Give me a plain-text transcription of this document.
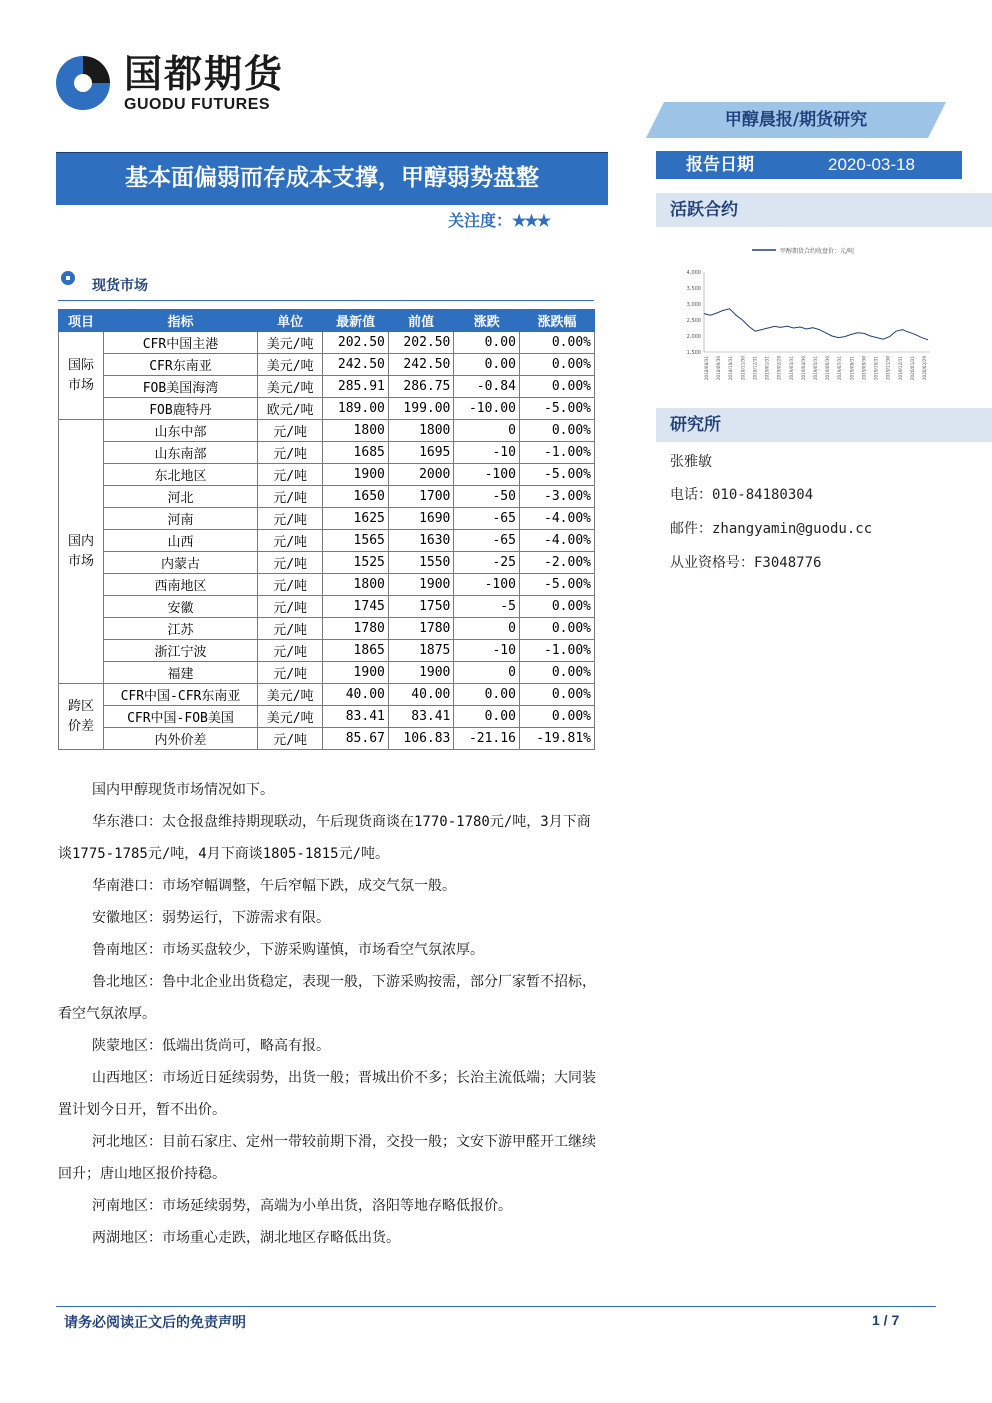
国都期货
GUODU FUTURES
甲醇晨报/期货研究
基本面偏弱而存成本支撑，甲醇弱势盘整
关注度：★★★
报告日期	2020-03-18
活跃合约
甲醇期货合约收盘价：元/吨
1,500
2,000
2,500
3,000
3,500
4,000
2018/08/31 2018/09/30 2018/10/31 2018/11/30 2018/12/31 2019/01/31 2019/02/28 2019/03/31 2019/04/30 2019/05/31 2019/06/30 2019/07/31 2019/08/31 2019/09/30 2019/10/31 2019/11/30 2019/12/31 2020/01/31 2020/02/29
研究所
张雅敏
电话：010-84180304
邮件：zhangyamin@guodu.cc
从业资格号：F3048776
现货市场
项目	指标	单位	最新值	前值	涨跌	涨跌幅
国际市场	CFR中国主港	美元/吨	202.50	202.50	0.00	0.00%
	CFR东南亚	美元/吨	242.50	242.50	0.00	0.00%
	FOB美国海湾	美元/吨	285.91	286.75	-0.84	0.00%
	FOB鹿特丹	欧元/吨	189.00	199.00	-10.00	-5.00%
国内市场	山东中部	元/吨	1800	1800	0	0.00%
	山东南部	元/吨	1685	1695	-10	-1.00%
	东北地区	元/吨	1900	2000	-100	-5.00%
	河北	元/吨	1650	1700	-50	-3.00%
	河南	元/吨	1625	1690	-65	-4.00%
	山西	元/吨	1565	1630	-65	-4.00%
	内蒙古	元/吨	1525	1550	-25	-2.00%
	西南地区	元/吨	1800	1900	-100	-5.00%
	安徽	元/吨	1745	1750	-5	0.00%
	江苏	元/吨	1780	1780	0	0.00%
	浙江宁波	元/吨	1865	1875	-10	-1.00%
	福建	元/吨	1900	1900	0	0.00%
跨区价差	CFR中国-CFR东南亚	美元/吨	40.00	40.00	0.00	0.00%
	CFR中国-FOB美国	美元/吨	83.41	83.41	0.00	0.00%
	内外价差	元/吨	85.67	106.83	-21.16	-19.81%
国内甲醇现货市场情况如下。
华东港口：太仓报盘维持期现联动，午后现货商谈在1770-1780元/吨，3月下商谈1775-1785元/吨，4月下商谈1805-1815元/吨。
华南港口：市场窄幅调整，午后窄幅下跌，成交气氛一般。
安徽地区：弱势运行，下游需求有限。
鲁南地区：市场买盘较少，下游采购谨慎，市场看空气氛浓厚。
鲁北地区：鲁中北企业出货稳定，表现一般，下游采购按需，部分厂家暂不招标，看空气氛浓厚。
陕蒙地区：低端出货尚可，略高有报。
山西地区：市场近日延续弱势，出货一般；晋城出价不多；长治主流低端；大同装置计划今日开，暂不出价。
河北地区：目前石家庄、定州一带较前期下滑，交投一般；文安下游甲醛开工继续回升；唐山地区报价持稳。
河南地区：市场延续弱势，高端为小单出货，洛阳等地存略低报价。
两湖地区：市场重心走跌，湖北地区存略低出货。
请务必阅读正文后的免责声明	1 / 7
